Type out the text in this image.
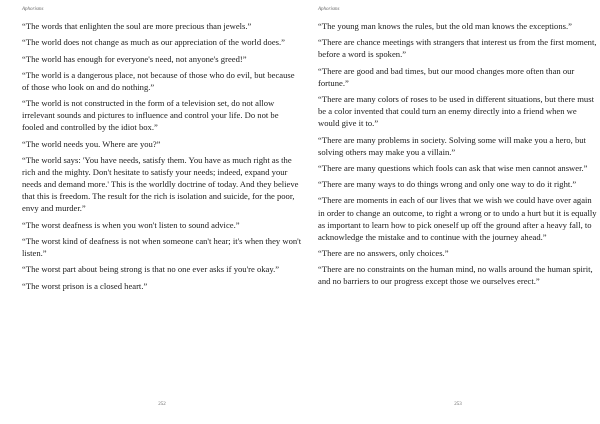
Aphorisms

“The words that enlighten the soul are more precious than jewels.”

“The world does not change as much as our appreciation of the world does.”

“The world has enough for everyone's need, not anyone's greed!”

“The world is a dangerous place, not because of those who do evil, but because of those who look on and do nothing.”

“The world is not constructed in the form of a television set, do not allow irrelevant sounds and pictures to influence and control your life. Do not be fooled and controlled by the idiot box.”

“The world needs you. Where are you?”

“The world says: 'You have needs, satisfy them. You have as much right as the rich and the mighty. Don't hesitate to satisfy your needs; indeed, expand your needs and demand more.' This is the worldly doctrine of today. And they believe that this is freedom. The result for the rich is isolation and suicide, for the poor, envy and murder.”

“The worst deafness is when you won't listen to sound advice.”

“The worst kind of deafness is not when someone can't hear; it's when they won't listen.”

“The worst part about being strong is that no one ever asks if you're okay.”

“The worst prison is a closed heart.”

252
Aphorisms

“The young man knows the rules, but the old man knows the exceptions.”

“There are chance meetings with strangers that interest us from the first moment, before a word is spoken.”

“There are good and bad times, but our mood changes more often than our fortune.”

“There are many colors of roses to be used in different situations, but there must be a color invented that could turn an enemy directly into a friend when we would give it to.”

“There are many problems in society. Solving some will make you a hero, but solving others may make you a villain.”

“There are many questions which fools can ask that wise men cannot answer.”

“There are many ways to do things wrong and only one way to do it right.”

“There are moments in each of our lives that we wish we could have over again in order to change an outcome, to right a wrong or to undo a hurt but it is equally as important to learn how to pick oneself up off the ground after a heavy fall, to acknowledge the mistake and to continue with the journey ahead.”

“There are no answers, only choices.”

“There are no constraints on the human mind, no walls around the human spirit, and no barriers to our progress except those we ourselves erect.”

253
